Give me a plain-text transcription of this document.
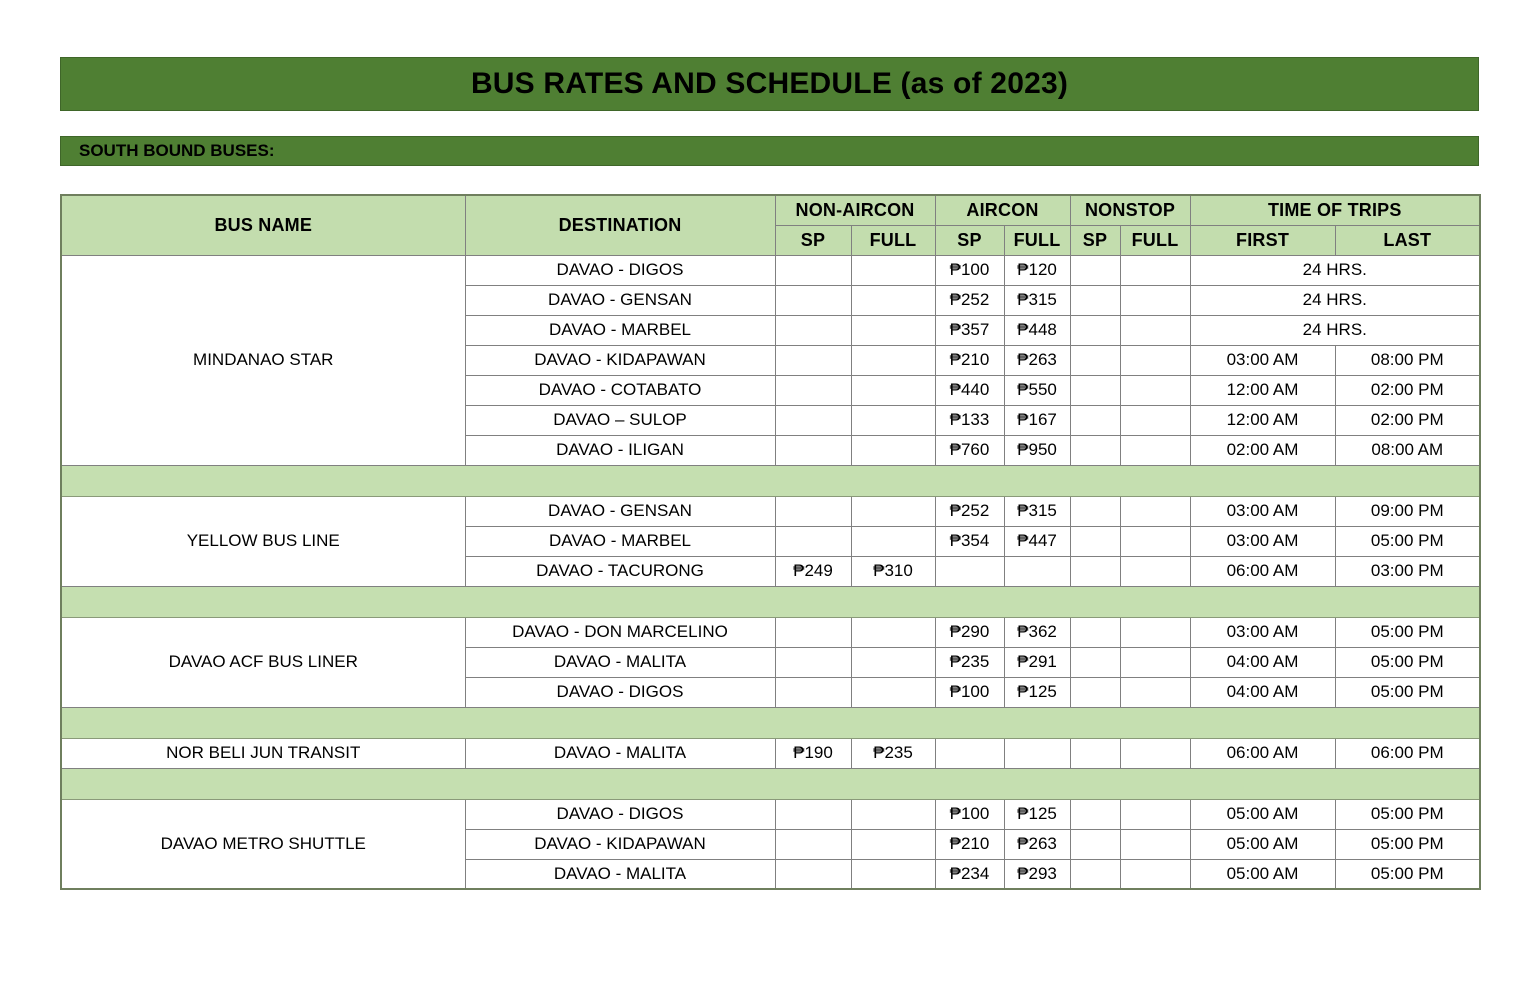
BUS RATES AND SCHEDULE (as of 2023)
SOUTH BOUND BUSES:
BUS NAME	DESTINATION	NON-AIRCON		AIRCON		NONSTOP		TIME OF TRIPS	
		SP	FULL	SP	FULL	SP	FULL	FIRST	LAST
MINDANAO STAR	DAVAO - DIGOS			₱100	₱120			24 HRS.	
	DAVAO - GENSAN			₱252	₱315			24 HRS.	
	DAVAO - MARBEL			₱357	₱448			24 HRS.	
	DAVAO - KIDAPAWAN			₱210	₱263			03:00 AM	08:00 PM
	DAVAO - COTABATO			₱440	₱550			12:00 AM	02:00 PM
	DAVAO – SULOP			₱133	₱167			12:00 AM	02:00 PM
	DAVAO - ILIGAN			₱760	₱950			02:00 AM	08:00 AM

YELLOW BUS LINE	DAVAO - GENSAN			₱252	₱315			03:00 AM	09:00 PM
	DAVAO - MARBEL			₱354	₱447			03:00 AM	05:00 PM
	DAVAO - TACURONG	₱249	₱310					06:00 AM	03:00 PM

DAVAO ACF BUS LINER	DAVAO - DON MARCELINO			₱290	₱362			03:00 AM	05:00 PM
	DAVAO - MALITA			₱235	₱291			04:00 AM	05:00 PM
	DAVAO - DIGOS			₱100	₱125			04:00 AM	05:00 PM

NOR BELI JUN TRANSIT	DAVAO - MALITA	₱190	₱235					06:00 AM	06:00 PM

DAVAO METRO SHUTTLE	DAVAO - DIGOS			₱100	₱125			05:00 AM	05:00 PM
	DAVAO - KIDAPAWAN			₱210	₱263			05:00 AM	05:00 PM
	DAVAO - MALITA			₱234	₱293			05:00 AM	05:00 PM
